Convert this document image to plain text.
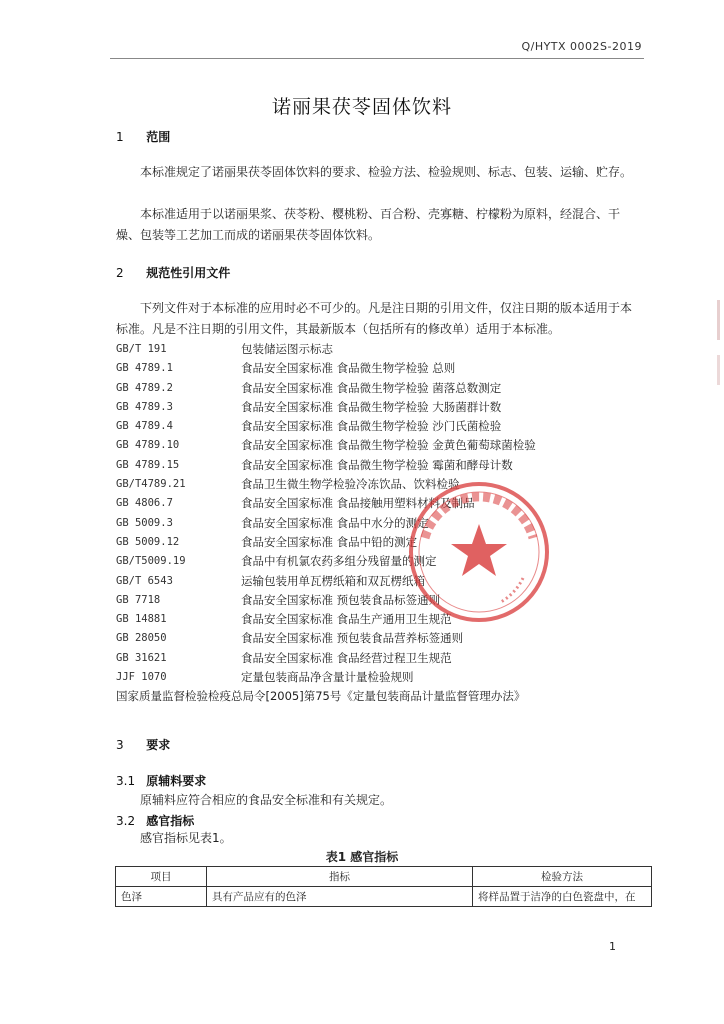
Q/HYTX 0002S-2019
诺丽果茯苓固体饮料
1 范围
本标准规定了诺丽果茯苓固体饮料的要求、检验方法、检验规则、标志、包装、运输、贮存。
本标准适用于以诺丽果浆、茯苓粉、樱桃粉、百合粉、壳寡糖、柠檬粉为原料，经混合、干燥、包装等工艺加工而成的诺丽果茯苓固体饮料。
2 规范性引用文件
下列文件对于本标准的应用时必不可少的。凡是注日期的引用文件，仅注日期的版本适用于本标准。凡是不注日期的引用文件，其最新版本（包括所有的修改单）适用于本标准。
GB/T 191	包装储运图示标志
GB 4789.1	食品安全国家标准 食品微生物学检验 总则
GB 4789.2	食品安全国家标准 食品微生物学检验 菌落总数测定
GB 4789.3	食品安全国家标准 食品微生物学检验 大肠菌群计数
GB 4789.4	食品安全国家标准 食品微生物学检验 沙门氏菌检验
GB 4789.10	食品安全国家标准 食品微生物学检验 金黄色葡萄球菌检验
GB 4789.15	食品安全国家标准 食品微生物学检验 霉菌和酵母计数
GB/T4789.21	食品卫生微生物学检验冷冻饮品、饮料检验
GB 4806.7	食品安全国家标准 食品接触用塑料材料及制品
GB 5009.3	食品安全国家标准 食品中水分的测定
GB 5009.12	食品安全国家标准 食品中铅的测定
GB/T5009.19	食品中有机氯农药多组分残留量的测定
GB/T 6543	运输包装用单瓦楞纸箱和双瓦楞纸箱
GB 7718	食品安全国家标准 预包装食品标签通则
GB 14881	食品安全国家标准 食品生产通用卫生规范
GB 28050	食品安全国家标准 预包装食品营养标签通则
GB 31621	食品安全国家标准 食品经营过程卫生规范
JJF 1070	定量包装商品净含量计量检验规则
国家质量监督检验检疫总局令[2005]第75号《定量包装商品计量监督管理办法》
3 要求
3.1 原辅料要求
原辅料应符合相应的食品安全标准和有关规定。
3.2 感官指标
感官指标见表1。
表1 感官指标
项目	指标	检验方法
色泽	具有产品应有的色泽	将样品置于洁净的白色瓷盘中，在
1
